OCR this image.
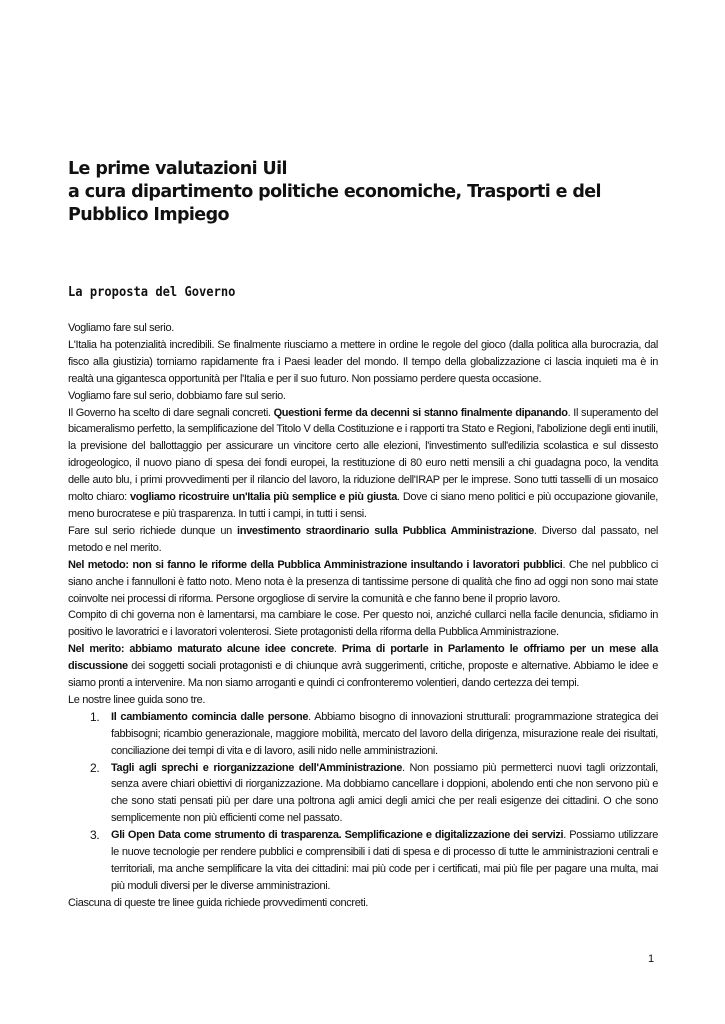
Le prime valutazioni Uil
a cura dipartimento politiche economiche, Trasporti e del
Pubblico Impiego
La proposta del Governo

Vogliamo fare sul serio.

L'Italia ha potenzialità incredibili. Se finalmente riusciamo a mettere in ordine le regole del gioco (dalla politica alla burocrazia, dal fisco alla giustizia) torniamo rapidamente fra i Paesi leader del mondo. Il tempo della globalizzazione ci lascia inquieti ma è in realtà una gigantesca opportunità per l'Italia e per il suo futuro. Non possiamo perdere questa occasione.

Vogliamo fare sul serio, dobbiamo fare sul serio.

Il Governo ha scelto di dare segnali concreti. Questioni ferme da decenni si stanno finalmente dipanando. Il superamento del bicameralismo perfetto, la semplificazione del Titolo V della Costituzione e i rapporti tra Stato e Regioni, l'abolizione degli enti inutili, la previsione del ballottaggio per assicurare un vincitore certo alle elezioni, l'investimento sull'edilizia scolastica e sul dissesto idrogeologico, il nuovo piano di spesa dei fondi europei, la restituzione di 80 euro netti mensili a chi guadagna poco, la vendita delle auto blu, i primi provvedimenti per il rilancio del lavoro, la riduzione dell'IRAP per le imprese. Sono tutti tasselli di un mosaico molto chiaro: vogliamo ricostruire un'Italia più semplice e più giusta. Dove ci siano meno politici e più occupazione giovanile, meno burocratese e più trasparenza. In tutti i campi, in tutti i sensi.

Fare sul serio richiede dunque un investimento straordinario sulla Pubblica Amministrazione. Diverso dal passato, nel metodo e nel merito.

Nel metodo: non si fanno le riforme della Pubblica Amministrazione insultando i lavoratori pubblici. Che nel pubblico ci siano anche i fannulloni è fatto noto. Meno nota è la presenza di tantissime persone di qualità che fino ad oggi non sono mai state coinvolte nei processi di riforma. Persone orgogliose di servire la comunità e che fanno bene il proprio lavoro.

Compito di chi governa non è lamentarsi, ma cambiare le cose. Per questo noi, anziché cullarci nella facile denuncia, sfidiamo in positivo le lavoratrici e i lavoratori volenterosi. Siete protagonisti della riforma della Pubblica Amministrazione.

Nel merito: abbiamo maturato alcune idee concrete. Prima di portarle in Parlamento le offriamo per un mese alla discussione dei soggetti sociali protagonisti e di chiunque avrà suggerimenti, critiche, proposte e alternative. Abbiamo le idee e siamo pronti a intervenire. Ma non siamo arroganti e quindi ci confronteremo volentieri, dando certezza dei tempi.

Le nostre linee guida sono tre.

1. Il cambiamento comincia dalle persone. Abbiamo bisogno di innovazioni strutturali: programmazione strategica dei fabbisogni; ricambio generazionale, maggiore mobilità, mercato del lavoro della dirigenza, misurazione reale dei risultati, conciliazione dei tempi di vita e di lavoro, asili nido nelle amministrazioni.
2. Tagli agli sprechi e riorganizzazione dell'Amministrazione. Non possiamo più permetterci nuovi tagli orizzontali, senza avere chiari obiettivi di riorganizzazione. Ma dobbiamo cancellare i doppioni, abolendo enti che non servono più e che sono stati pensati più per dare una poltrona agli amici degli amici che per reali esigenze dei cittadini. O che sono semplicemente non più efficienti come nel passato.
3. Gli Open Data come strumento di trasparenza. Semplificazione e digitalizzazione dei servizi. Possiamo utilizzare le nuove tecnologie per rendere pubblici e comprensibili i dati di spesa e di processo di tutte le amministrazioni centrali e territoriali, ma anche semplificare la vita dei cittadini: mai più code per i certificati, mai più file per pagare una multa, mai più moduli diversi per le diverse amministrazioni.

Ciascuna di queste tre linee guida richiede provvedimenti concreti.

1
